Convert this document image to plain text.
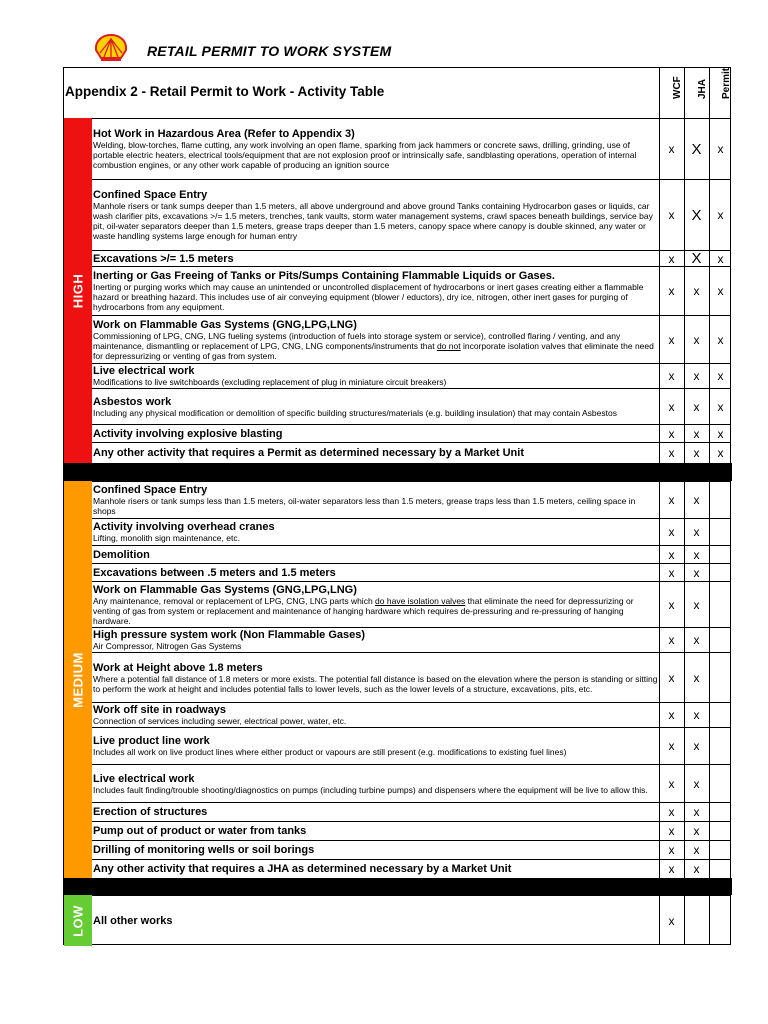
RETAIL PERMIT TO WORK SYSTEM
Appendix 2 - Retail Permit to Work - Activity Table	WCF JHA Permit
HIGH
MEDIUM
LOW
Hot Work in Hazardous Area (Refer to Appendix 3)
Welding, blow-torches, flame cutting, any work involving an open flame, sparking from jack hammers or concrete saws, drilling, grinding, use of portable electric heaters, electrical tools/equipment that are not explosion proof or intrinsically safe, sandblasting operations, operation of internal combustion engines, or any other work capable of producing an ignition source
x	X	x
Confined Space Entry
Manhole risers or tank sumps deeper than 1.5 meters, all above underground and above ground Tanks containing Hydrocarbon gases or liquids, car wash clarifier pits, excavations >/= 1.5 meters, trenches, tank vaults, storm water management systems, crawl spaces beneath buildings, service bay pit, oil-water separators deeper than 1.5 meters, grease traps deeper than 1.5 meters, canopy space where canopy is double skinned, any water or waste handling systems large enough for human entry
x	X	x
Excavations >/= 1.5 meters	x	X	x
Inerting or Gas Freeing of Tanks or Pits/Sumps Containing Flammable Liquids or Gases.
Inerting or purging works which may cause an unintended or uncontrolled displacement of hydrocarbons or inert gases creating either a flammable hazard or breathing hazard. This includes use of air conveying equipment (blower / eductors), dry ice, nitrogen, other inert gases for purging of hydrocarbons from any equipment.
x	x	x
Work on Flammable Gas Systems (GNG,LPG,LNG)
Commissioning of LPG, CNG, LNG fueling systems (introduction of fuels into storage system or service), controlled flaring / venting, and any maintenance, dismantling or replacement of LPG, CNG, LNG components/instruments that do not incorporate isolation valves that eliminate the need for depressurizing or venting of gas from system.
x	x	x
Live electrical work
Modifications to live switchboards (excluding replacement of plug in miniature circuit breakers)	x	x	x
Asbestos work
Including any physical modification or demolition of specific building structures/materials (e.g. building insulation) that may contain Asbestos	x	x	x
Activity involving explosive blasting	x	x	x
Any other activity that requires a Permit as determined necessary by a Market Unit	x	x	x
Confined Space Entry
Manhole risers or tank sumps less than 1.5 meters, oil-water separators less than 1.5 meters, grease traps less than 1.5 meters, ceiling space in shops
x	x
Activity involving overhead cranes
Lifting, monolith sign maintenance, etc.	x	x
Demolition	x	x
Excavations between .5 meters and 1.5 meters	x	x
Work on Flammable Gas Systems (GNG,LPG,LNG)
Any maintenance, removal or replacement of LPG, CNG, LNG parts which do have isolation valves that eliminate the need for depressurizing or venting of gas from system or replacement and maintenance of hanging hardware which requires de-pressuring and re-pressuring of hanging hardware.
x	x
High pressure system work (Non Flammable Gases)
Air Compressor, Nitrogen Gas Systems	x	x
Work at Height above 1.8 meters
Where a potential fall distance of 1.8 meters or more exists. The potential fall distance is based on the elevation where the person is standing or sitting to perform the work at height and includes potential falls to lower levels, such as the lower levels of a structure, excavations, pits, etc.
x	x
Work off site in roadways
Connection of services including sewer, electrical power, water, etc.	x	x
Live product line work
Includes all work on live product lines where either product or vapours are still present (e.g. modifications to existing fuel lines)	x	x
Live electrical work
Includes fault finding/trouble shooting/diagnostics on pumps (including turbine pumps) and dispensers where the equipment will be live to allow this.	x	x
Erection of structures	x	x
Pump out of product or water from tanks	x	x
Drilling of monitoring wells or soil borings	x	x
Any other activity that requires a JHA as determined necessary by a Market Unit	x	x
All other works	x
